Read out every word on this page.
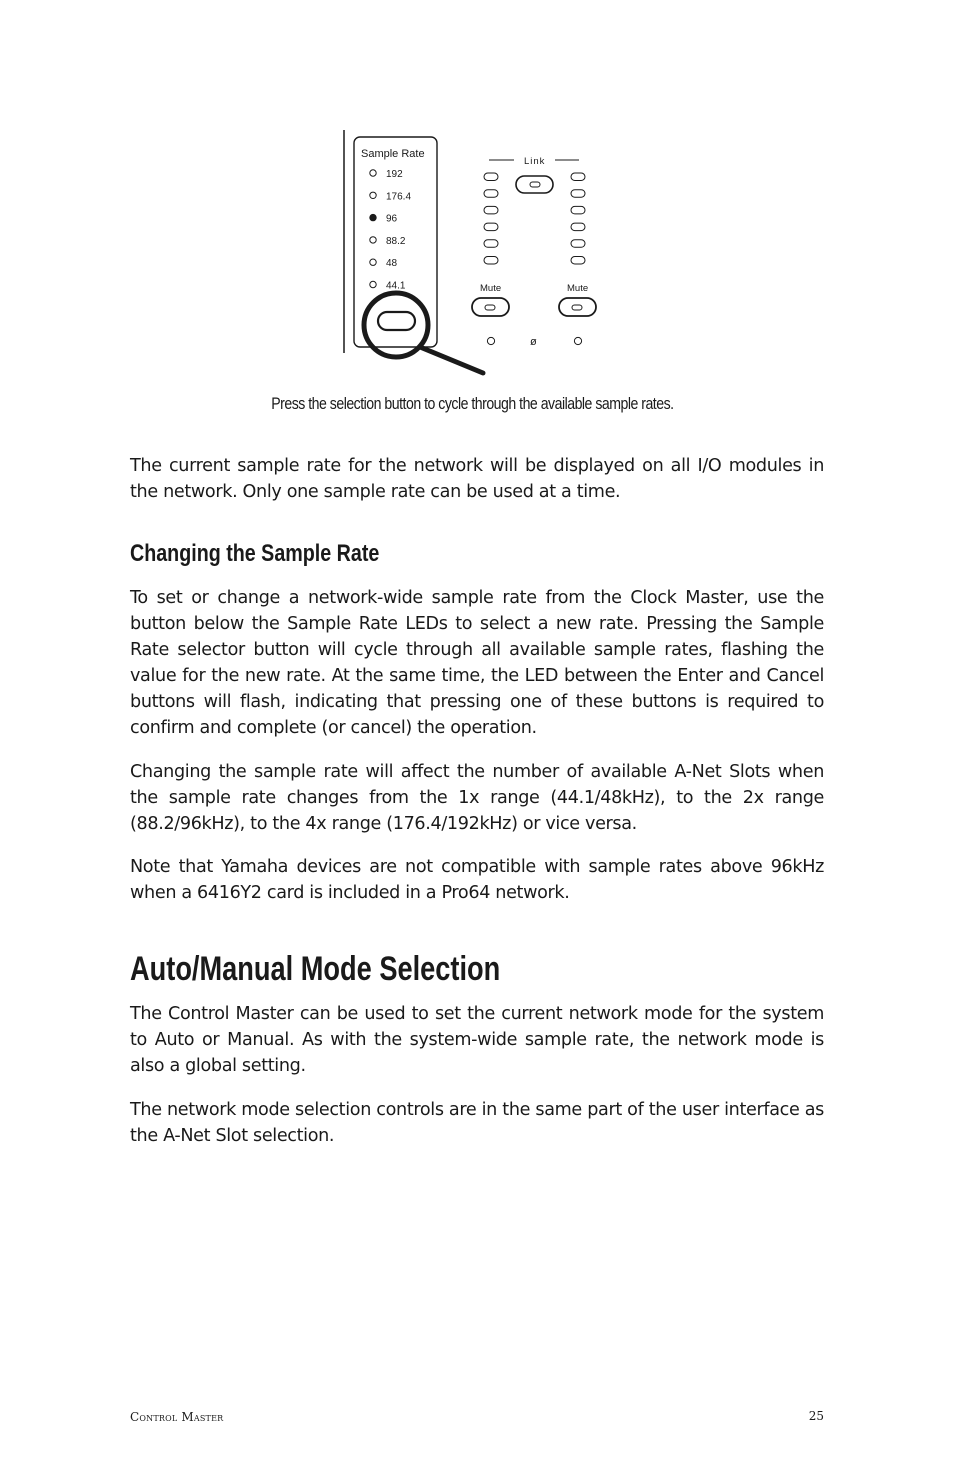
Sample Rate
192
176.4
96
88.2
48
44.1
Link
Mute	Mute
ø
Press the selection button to cycle through the available sample rates.

The current sample rate for the network will be displayed on all I/O modules in the network. Only one sample rate can be used at a time.

Changing the Sample Rate

To set or change a network-wide sample rate from the Clock Master, use the button below the Sample Rate LEDs to select a new rate. Pressing the Sample Rate selector button will cycle through all available sample rates, flashing the value for the new rate. At the same time, the LED between the Enter and Cancel buttons will flash, indicating that pressing one of these buttons is required to confirm and complete (or cancel) the operation.

Changing the sample rate will affect the number of available A-Net Slots when the sample rate changes from the 1x range (44.1/48kHz), to the 2x range (88.2/96kHz), to the 4x range (176.4/192kHz) or vice versa.

Note that Yamaha devices are not compatible with sample rates above 96kHz when a 6416Y2 card is included in a Pro64 network.

Auto/Manual Mode Selection

The Control Master can be used to set the current network mode for the system to Auto or Manual. As with the system-wide sample rate, the network mode is also a global setting.

The network mode selection controls are in the same part of the user interface as the A-Net Slot selection.

Control Master	25
